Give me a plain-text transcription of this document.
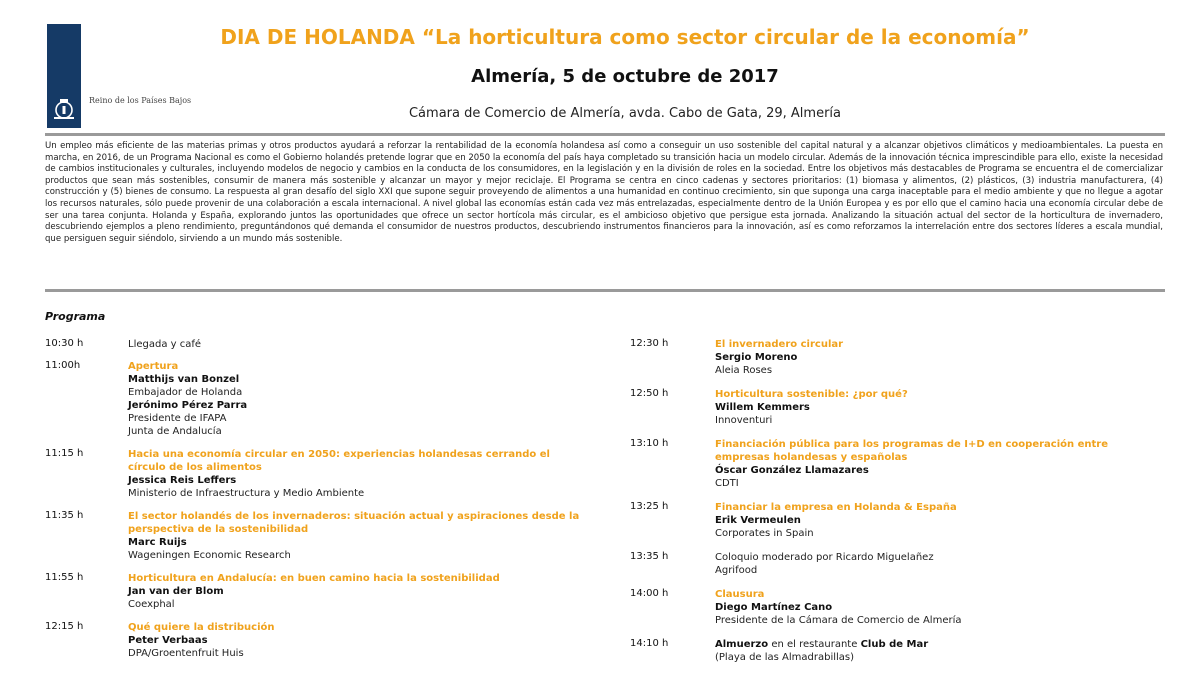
Reino de los Países Bajos
DIA DE HOLANDA “La horticultura como sector circular de la economía”
Almería, 5 de octubre de 2017
Cámara de Comercio de Almería, avda. Cabo de Gata, 29, Almería

Un empleo más eficiente de las materias primas y otros productos ayudará a reforzar la rentabilidad de la economía holandesa así como a conseguir un uso sostenible del capital natural y a alcanzar objetivos climáticos y medioambientales. La puesta en marcha, en 2016, de un Programa Nacional es como el Gobierno holandés pretende lograr que en 2050 la economía del país haya completado su transición hacia un modelo circular. Además de la innovación técnica imprescindible para ello, existe la necesidad de cambios institucionales y culturales, incluyendo modelos de negocio y cambios en la conducta de los consumidores, en la legislación y en la división de roles en la sociedad. Entre los objetivos más destacables de Programa se encuentra el de comercializar productos que sean más sostenibles, consumir de manera más sostenible y alcanzar un mayor y mejor reciclaje. El Programa se centra en cinco cadenas y sectores prioritarios: (1) biomasa y alimentos, (2) plásticos, (3) industria manufacturera, (4) construcción y (5) bienes de consumo. La respuesta al gran desafío del siglo XXI que supone seguir proveyendo de alimentos a una humanidad en continuo crecimiento, sin que suponga una carga inaceptable para el medio ambiente y que no llegue a agotar los recursos naturales, sólo puede provenir de una colaboración a escala internacional. A nivel global las economías están cada vez más entrelazadas, especialmente dentro de la Unión Europea y es por ello que el camino hacia una economía circular debe de ser una tarea conjunta. Holanda y España, explorando juntos las oportunidades que ofrece un sector hortícola más circular, es el ambicioso objetivo que persigue esta jornada. Analizando la situación actual del sector de la horticultura de invernadero, descubriendo ejemplos a pleno rendimiento, preguntándonos qué demanda el consumidor de nuestros productos, descubriendo instrumentos financieros para la innovación, así es como reforzamos la interrelación entre dos sectores líderes a escala mundial, que persiguen seguir siéndolo, sirviendo a un mundo más sostenible.

Programa
10:30 h	Llegada y café
11:00h	Apertura
Matthijs van Bonzel
Embajador de Holanda
Jerónimo Pérez Parra
Presidente de IFAPA
Junta de Andalucía
11:15 h	Hacia una economía circular en 2050: experiencias holandesas cerrando el círculo de los alimentos
Jessica Reis Leffers
Ministerio de Infraestructura y Medio Ambiente
11:35 h	El sector holandés de los invernaderos: situación actual y aspiraciones desde la perspectiva de la sostenibilidad
Marc Ruijs
Wageningen Economic Research
11:55 h	Horticultura en Andalucía: en buen camino hacia la sostenibilidad
Jan van der Blom
Coexphal
12:15 h	Qué quiere la distribución
Peter Verbaas
DPA/Groentenfruit Huis
12:30 h	El invernadero circular
Sergio Moreno
Aleia Roses
12:50 h	Horticultura sostenible: ¿por qué?
Willem Kemmers
Innoventuri
13:10 h	Financiación pública para los programas de I+D en cooperación entre empresas holandesas y españolas
Óscar González Llamazares
CDTI
13:25 h	Financiar la empresa en Holanda & España
Erik Vermeulen
Corporates in Spain
13:35 h	Coloquio moderado por Ricardo Miguelañez
Agrifood
14:00 h	Clausura
Diego Martínez Cano
Presidente de la Cámara de Comercio de Almería
14:10 h	Almuerzo en el restaurante Club de Mar
(Playa de las Almadrabillas)
